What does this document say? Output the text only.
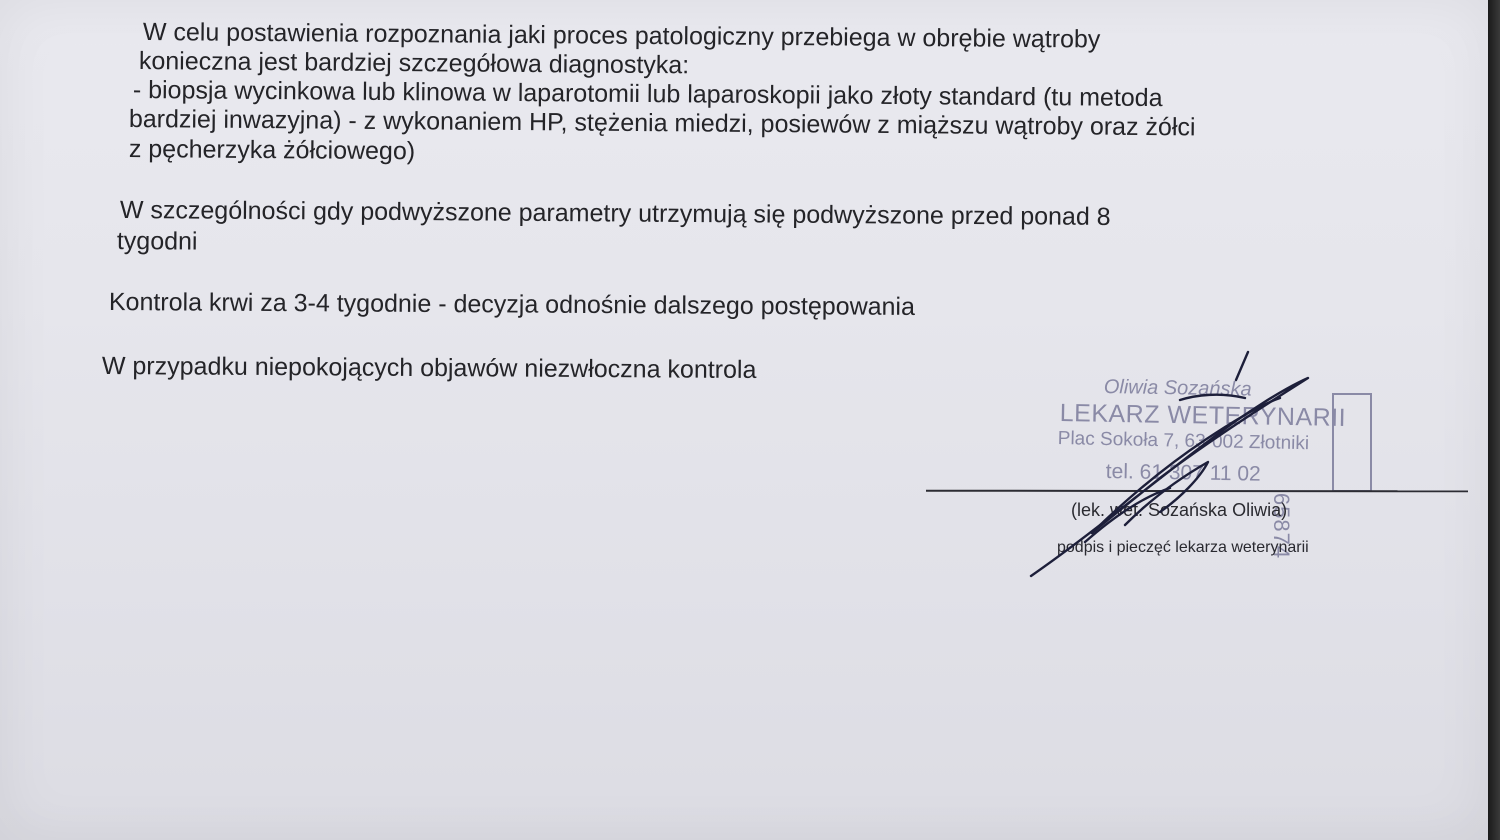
W celu postawienia rozpoznania jaki proces patologiczny przebiega w obrębie wątroby

konieczna jest bardziej szczegółowa diagnostyka:

- biopsja wycinkowa lub klinowa w laparotomii lub laparoskopii jako złoty standard (tu metoda

bardziej inwazyjna) - z wykonaniem HP, stężenia miedzi, posiewów z miąższu wątroby oraz żółci

z pęcherzyka żółciowego)

W szczególności gdy podwyższone parametry utrzymują się podwyższone przed ponad 8

tygodni

Kontrola krwi za 3-4 tygodnie - decyzja odnośnie dalszego postępowania

W przypadku niepokojących objawów niezwłoczna kontrola

Oliwia Sozańska
LEKARZ WETERYNARII
Plac Sokoła 7, 63-002 Złotniki
tel. 61 307 11 02
65874
(lek. wet. Sozańska Oliwia)
podpis i pieczęć lekarza weterynarii
